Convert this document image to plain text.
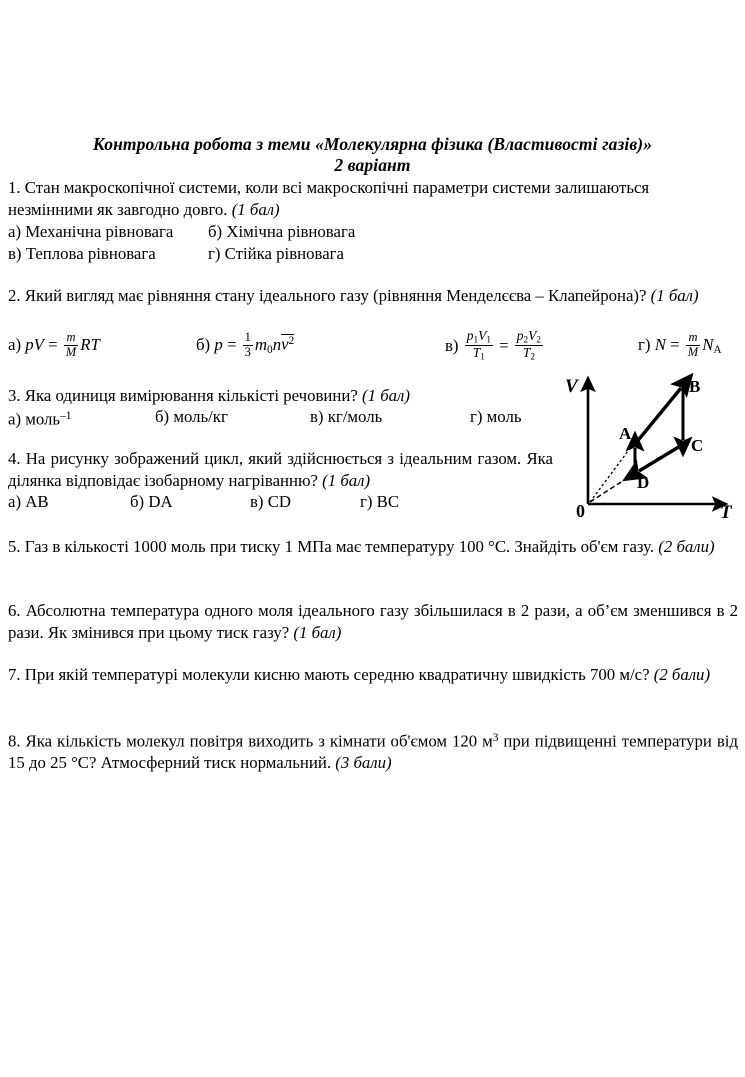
Контрольна робота з теми «Молекулярна фізика (Властивості газів)»
2 варіант
1. Стан макроскопічної системи, коли всі макроскопічні параметри системи залишаються незмінними як завгодно довго. (1 бал)
а) Механічна рівновага б) Хімічна рівновага
в) Теплова рівновага	г) Стійка рівновага
2. Який вигляд має рівняння стану ідеального газу (рівняння Менделєєва – Клапейрона)? (1 бал)
а) pV = $\frac{m}{M}$ RT	б) $p = \frac{1}{3} m_0nv^2$	$в) \frac{p_1V_1}{T_1} = \frac{p_2V_2}{T_2}$	г) $N = \frac{m}{M} N_A$
3. Яка одиниця вимірювання кількісті речовини? (1 бал)
а) моль$^{-1}$	б) моль/кг	в) кг/моль	г) моль
4. На рисунку зображений цикл, який здійснюється з ідеальним газом. Яка ділянка відповідає ізобарному нагріванню? (1 бал)
а) AB	б) DA	в) CD	г) BC
V
T
0
A
B
C
D
5. Газ в кількості 1000 моль при тиску 1 МПа має температуру 100 °C. Знайдіть об'єм газу. (2 бали)
6. Абсолютна температура одного моля ідеального газу збільшилася в 2 рази, а об’єм зменшився в 2 рази. Як змінився при цьому тиск газу? (1 бал)
7. При якій температурі молекули кисню мають середню квадратичну швидкість 700 м/с? (2 бали)
8. Яка кількість молекул повітря виходить з кімнати об'ємом 120 $м^3$ при підвищенні температури від 15 до 25 °C? Атмосферний тиск нормальний. (3 бали)
